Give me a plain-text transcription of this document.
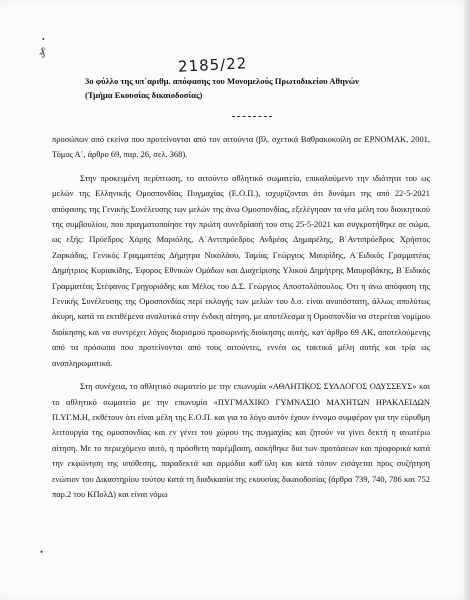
•
₰
•
2185/22
3ο φύλλο της υπ΄αριθμ. απόφασης του Μονομελούς Πρωτοδικείου Αθηνών
(Τμήμα Εκουσίας δικαιοδοσίας)

προσώπων από εκείνα που προτείνονται από τον αιτούντα (βλ. σχετικά Βαθρακοκοίλη σε ΕΡΝΟΜΑΚ, 2001, Τόμος Α΄, άρθρο 69, παρ. 26, σελ. 368).

Στην προκειμένη περίπτωση, το αιτούντο αθλητικό σωματείο, επικαλούμενο την ιδιότητα του ως μελών της Ελληνικής Ομοσπονδίας Πυγμαχίας (Ε.Ο.Π.), ισχυρίζονται ότι δυνάμει της από 22-5-2021 απόφασης της Γενικής Συνέλευσης των μελών της άνω Ομοσπονδίας, εξελέγησαν τα νέα μέλη του διοικητικού της συμβουλίου, που πραγματοποίησε την πρώτη συνεδρίασή του στις 25-5-2021 και συγκροτήθηκε σε σώμα, ως εξής: Πρόεδρος Χάρης Μαριόλης, Α΄Αντιπρόεδρος Ανδρέας Δημαρέλης, Β΄Αντιπρόεδρος Χρήστος Ζαρκάδας, Γενικός Γραμματέας Δήμητρα Νικολάου, Ταμίας Γεώργιος Μαυρίδης, Α΄Ειδικός Γραμματέας Δημήτριος Κυριακίδης, Έφορος Εθνικών Ομάδων και Διαχείρισης Υλικού Δημήτρης Μαυροβάκης, Β΄Ειδικός Γραμματέας Στέφανος Γρηγοριάδης και Μέλος του Δ.Σ. Γεώργιος Αποστολόπουλος. Ότι η άνω απόφαση της Γενικής Συνέλευσης της Ομοσπονδίας περί εκλογής των μελών του δ.σ. είναι ανυπόστατη, άλλως απολύτως άκυρη, κατά τα εκτιθέμενα αναλυτικά στην ένδικη αίτηση, με αποτέλεσμα η Ομοσπονδία να στερείται νομίμου διοίκησης και να συντρέχει λόγος διορισμού προσωρινής διοίκησης αυτής, κατ΄άρθρο 69 ΑΚ, αποτελούμενης από τα πρόσωπα που προτείνονται από τους αιτούντες, εννέα ως τακτικά μέλη αυτής και τρία ως αναπληρωματικά.

Στη συνέχεια, το αθλητικό σωματείο με την επωνυμία «ΑΘΛΗΤΙΚΟΣ ΣΥΛΛΟΓΟΣ ΟΔΥΣΣΕΥΣ» και το αθλητικό σωματείο με την επωνυμία «ΠΥΓΜΑΧΙΚΟ ΓΥΜΝΑΣΙΟ ΜΑΧΗΤΩΝ ΗΡΑΚΛΕΙΔΩΝ Π.ΥΓ.Μ.Η, εκθέτουν ότι είναι μέλη της Ε.Ο.Π. και για το λόγο αυτόν έχουν έννομο συμφέρον για την εύρυθμη λειτουργία της ομοσπονδίας και εν γένει του χώρου της πυγμαχίας και ζητούν να γίνει δεκτή η ανωτέρω αίτηση. Με το περιεχόμενο αυτό, η πρόσθετη παρέμβαση, ασκήθηκε δια των προτάσεων και προφορικά κατά την εκφώνηση της υπόθεσης, παραδεκτά και αρμόδια καθ΄ύλη και κατά τόπον εισάγεται προς συζήτηση ενώπιον του Δικαστηρίου τούτου κατά τη διαδικασία της εκουσίας δικαιοδοσίας (άρθρα 739, 740, 786 και 752 παρ.2 του ΚΠολΔ) και είναι νόμω
